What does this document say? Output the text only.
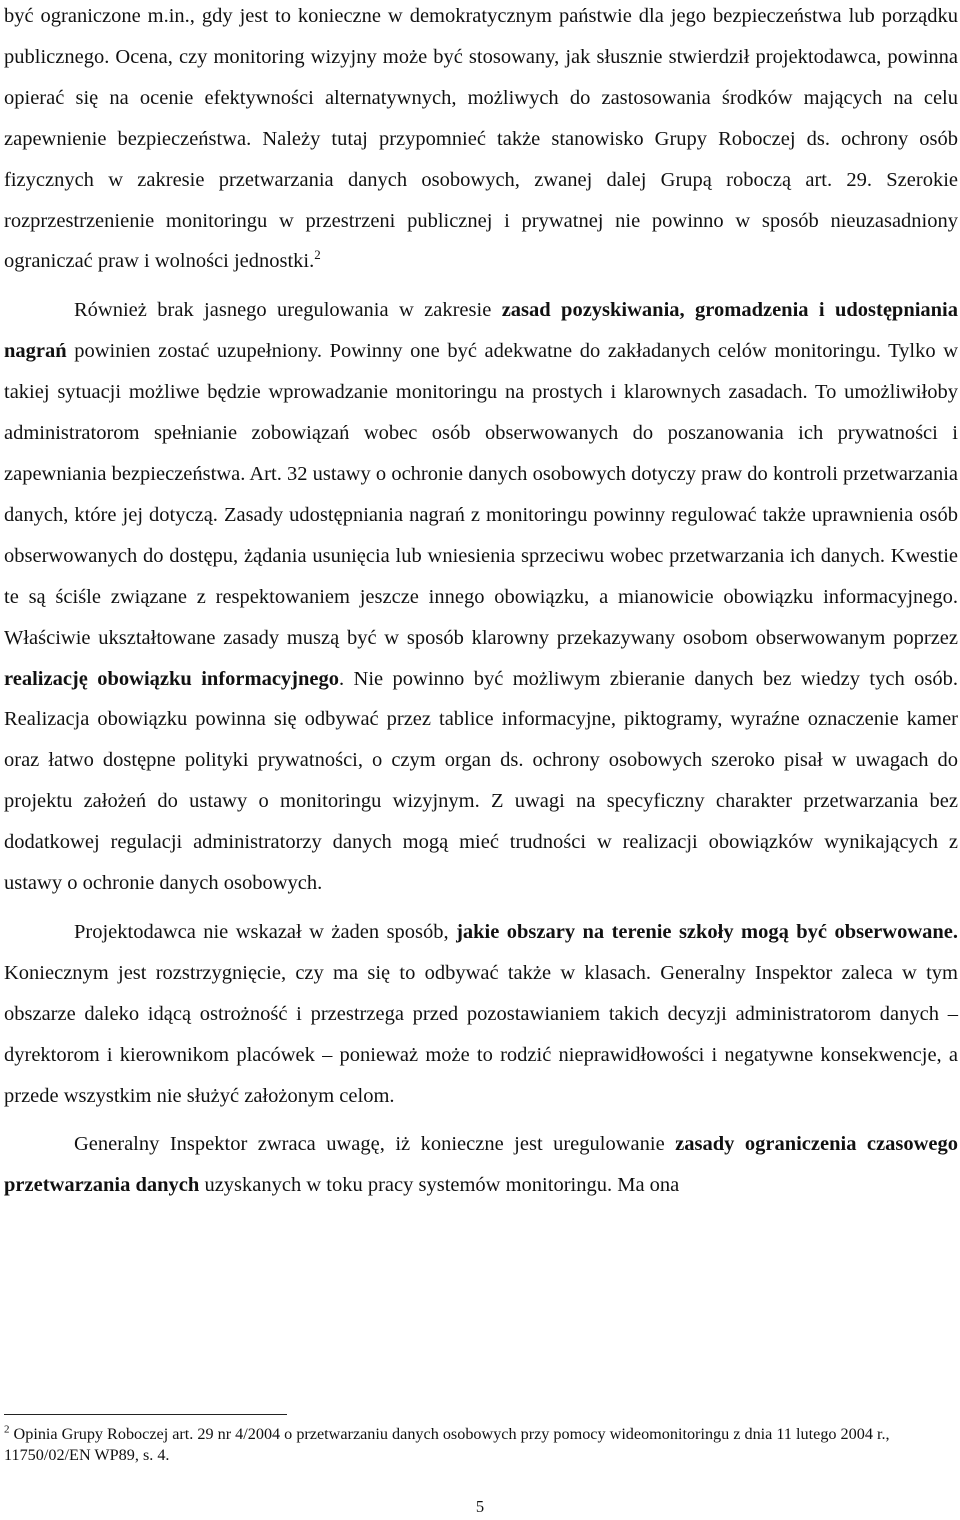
być ograniczone m.in., gdy jest to konieczne w demokratycznym państwie dla jego bezpieczeństwa lub porządku publicznego. Ocena, czy monitoring wizyjny może być stosowany, jak słusznie stwierdził projektodawca, powinna opierać się na ocenie efektywności alternatywnych, możliwych do zastosowania środków mających na celu zapewnienie bezpieczeństwa. Należy tutaj przypomnieć także stanowisko Grupy Roboczej ds. ochrony osób fizycznych w zakresie przetwarzania danych osobowych, zwanej dalej Grupą roboczą art. 29. Szerokie rozprzestrzenienie monitoringu w przestrzeni publicznej i prywatnej nie powinno w sposób nieuzasadniony ograniczać praw i wolności jednostki.$^2$

Również brak jasnego uregulowania w zakresie zasad pozyskiwania, gromadzenia i udostępniania nagrań powinien zostać uzupełniony. Powinny one być adekwatne do zakładanych celów monitoringu. Tylko w takiej sytuacji możliwe będzie wprowadzanie monitoringu na prostych i klarownych zasadach. To umożliwiłoby administratorom spełnianie zobowiązań wobec osób obserwowanych do poszanowania ich prywatności i zapewniania bezpieczeństwa. Art. 32 ustawy o ochronie danych osobowych dotyczy praw do kontroli przetwarzania danych, które jej dotyczą. Zasady udostępniania nagrań z monitoringu powinny regulować także uprawnienia osób obserwowanych do dostępu, żądania usunięcia lub wniesienia sprzeciwu wobec przetwarzania ich danych. Kwestie te są ściśle związane z respektowaniem jeszcze innego obowiązku, a mianowicie obowiązku informacyjnego. Właściwie ukształtowane zasady muszą być w sposób klarowny przekazywany osobom obserwowanym poprzez realizację obowiązku informacyjnego. Nie powinno być możliwym zbieranie danych bez wiedzy tych osób. Realizacja obowiązku powinna się odbywać przez tablice informacyjne, piktogramy, wyraźne oznaczenie kamer oraz łatwo dostępne polityki prywatności, o czym organ ds. ochrony osobowych szeroko pisał w uwagach do projektu założeń do ustawy o monitoringu wizyjnym. Z uwagi na specyficzny charakter przetwarzania bez dodatkowej regulacji administratorzy danych mogą mieć trudności w realizacji obowiązków wynikających z ustawy o ochronie danych osobowych.

Projektodawca nie wskazał w żaden sposób, jakie obszary na terenie szkoły mogą być obserwowane. Koniecznym jest rozstrzygnięcie, czy ma się to odbywać także w klasach. Generalny Inspektor zaleca w tym obszarze daleko idącą ostrożność i przestrzega przed pozostawianiem takich decyzji administratorom danych – dyrektorom i kierownikom placówek – ponieważ może to rodzić nieprawidłowości i negatywne konsekwencje, a przede wszystkim nie służyć założonym celom.

Generalny Inspektor zwraca uwagę, iż konieczne jest uregulowanie zasady ograniczenia czasowego przetwarzania danych uzyskanych w toku pracy systemów monitoringu. Ma ona

$^2$ Opinia Grupy Roboczej art. 29 nr 4/2004 o przetwarzaniu danych osobowych przy pomocy wideomonitoringu z dnia 11 lutego 2004 r., 11750/02/EN WP89, s. 4.
5
